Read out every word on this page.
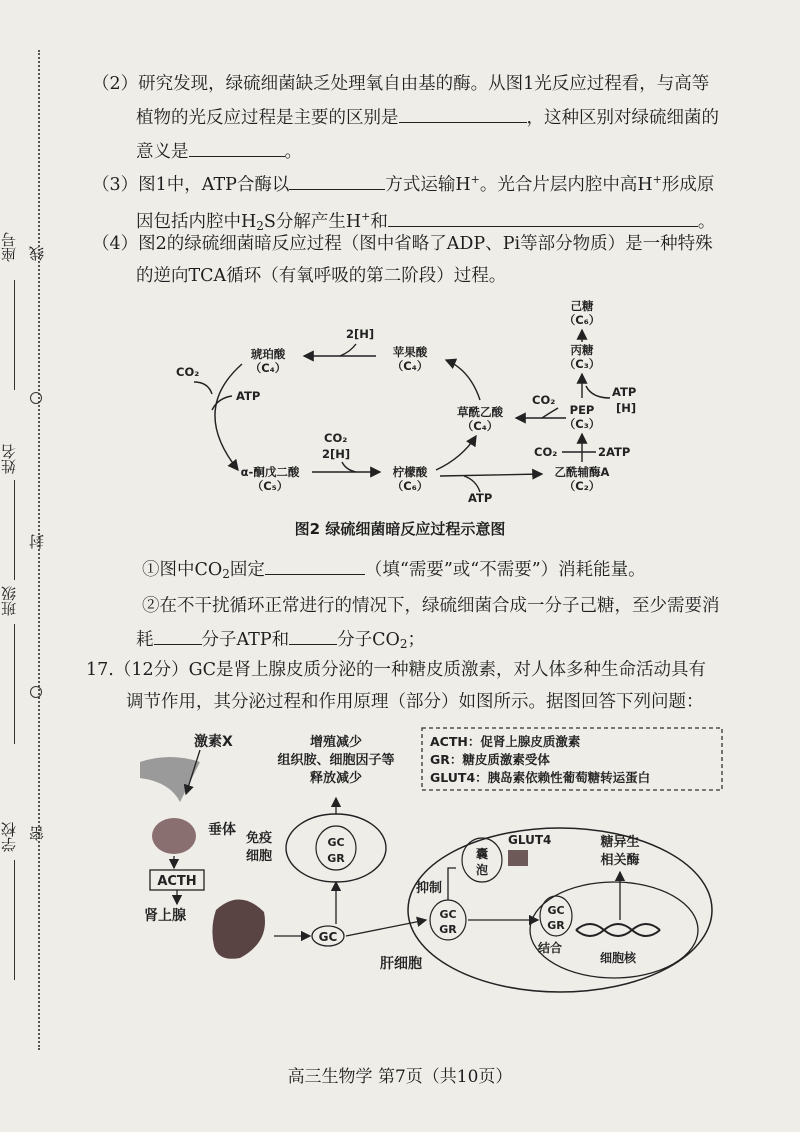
座号 线
姓名
封
班级
学校 密
（2）研究发现，绿硫细菌缺乏处理氧自由基的酶。从图1光反应过程看，与高等
植物的光反应过程是主要的区别是	，这种区别对绿硫细菌的
意义是	。
（3）图1中，ATP合酶以	方式运输H+。光合片层内腔中高H+形成原
因包括内腔中$H_2S$分解产生H+和	。
（4）图2的绿硫细菌暗反应过程（图中省略了ADP、Pi等部分物质）是一种特殊
的逆向TCA循环（有氧呼吸的第二阶段）过程。
己糖
（C₆）
丙糖
（C₃）
ATP
[H]
PEP
（C₃）
CO₂
CO₂	2ATP
乙酰辅酶A
（C₂）
草酰乙酸
（C₄）
苹果酸
（C₄）
2[H]
琥珀酸
（C₄）
CO₂
ATP
CO₂
2[H]
α-酮戊二酸
（C₅）
柠檬酸
（C₆）
ATP
图2 绿硫细菌暗反应过程示意图
①图中$CO_2$固定	（填“需要”或“不需要”）消耗能量。
②在不干扰循环正常进行的情况下，绿硫细菌合成一分子己糖，至少需要消
耗	分子ATP和	分子$CO_2$；
17.（12分）GC是肾上腺皮质分泌的一种糖皮质激素，对人体多种生命活动具有
调节作用，其分泌过程和作用原理（部分）如图所示。据图回答下列问题：
ACTH：促肾上腺皮质激素
GR：糖皮质激素受体
GLUT4：胰岛素依赖性葡萄糖转运蛋白
激素X
垂体
ACTH
肾上腺
GC
GC
GR
免疫
细胞
增殖减少
组织胺、细胞因子等
释放减少
肝细胞
GC
GR
抑制
囊
泡
GLUT4
GC
GR
结合
细胞核
糖异生
相关酶
高三生物学 第7页（共10页）
